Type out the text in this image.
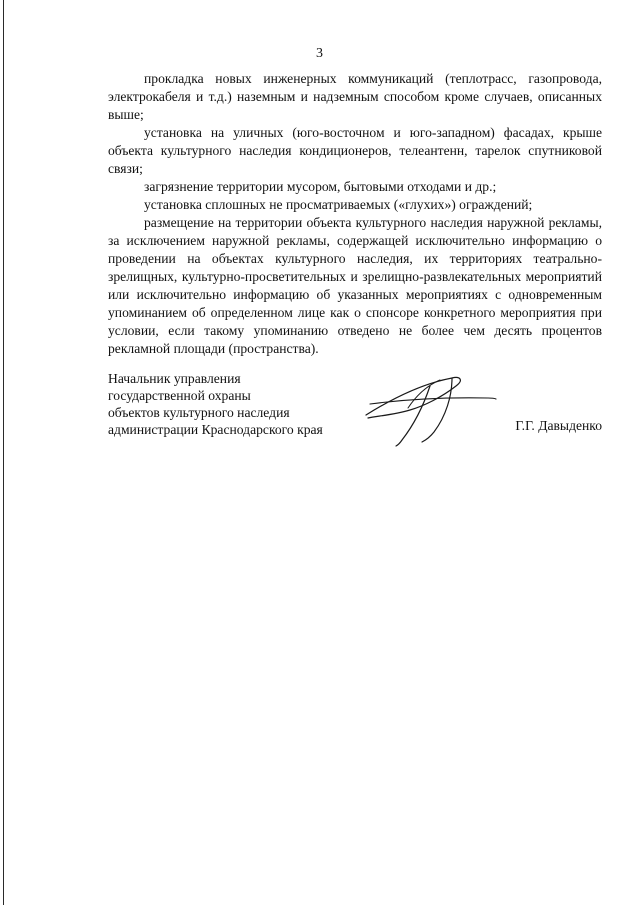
3

прокладка новых инженерных коммуникаций (теплотрасс, газопровода, электрокабеля и т.д.) наземным и надземным способом кроме случаев, описанных выше;

установка на уличных (юго-восточном и юго-западном) фасадах, крыше объекта культурного наследия кондиционеров, телеантенн, тарелок спутниковой связи;

загрязнение территории мусором, бытовыми отходами и др.;

установка сплошных не просматриваемых («глухих») ограждений;

размещение на территории объекта культурного наследия наружной рекламы, за исключением наружной рекламы, содержащей исключительно информацию о проведении на объектах культурного наследия, их территориях театрально-зрелищных, культурно-просветительных и зрелищно-развлекательных мероприятий или исключительно информацию об указанных мероприятиях с одновременным упоминанием об определенном лице как о спонсоре конкретного мероприятия при условии, если такому упоминанию отведено не более чем десять процентов рекламной площади (пространства).

Начальник управления
государственной охраны
объектов культурного наследия
администрации Краснодарского края	Г.Г. Давыденко
